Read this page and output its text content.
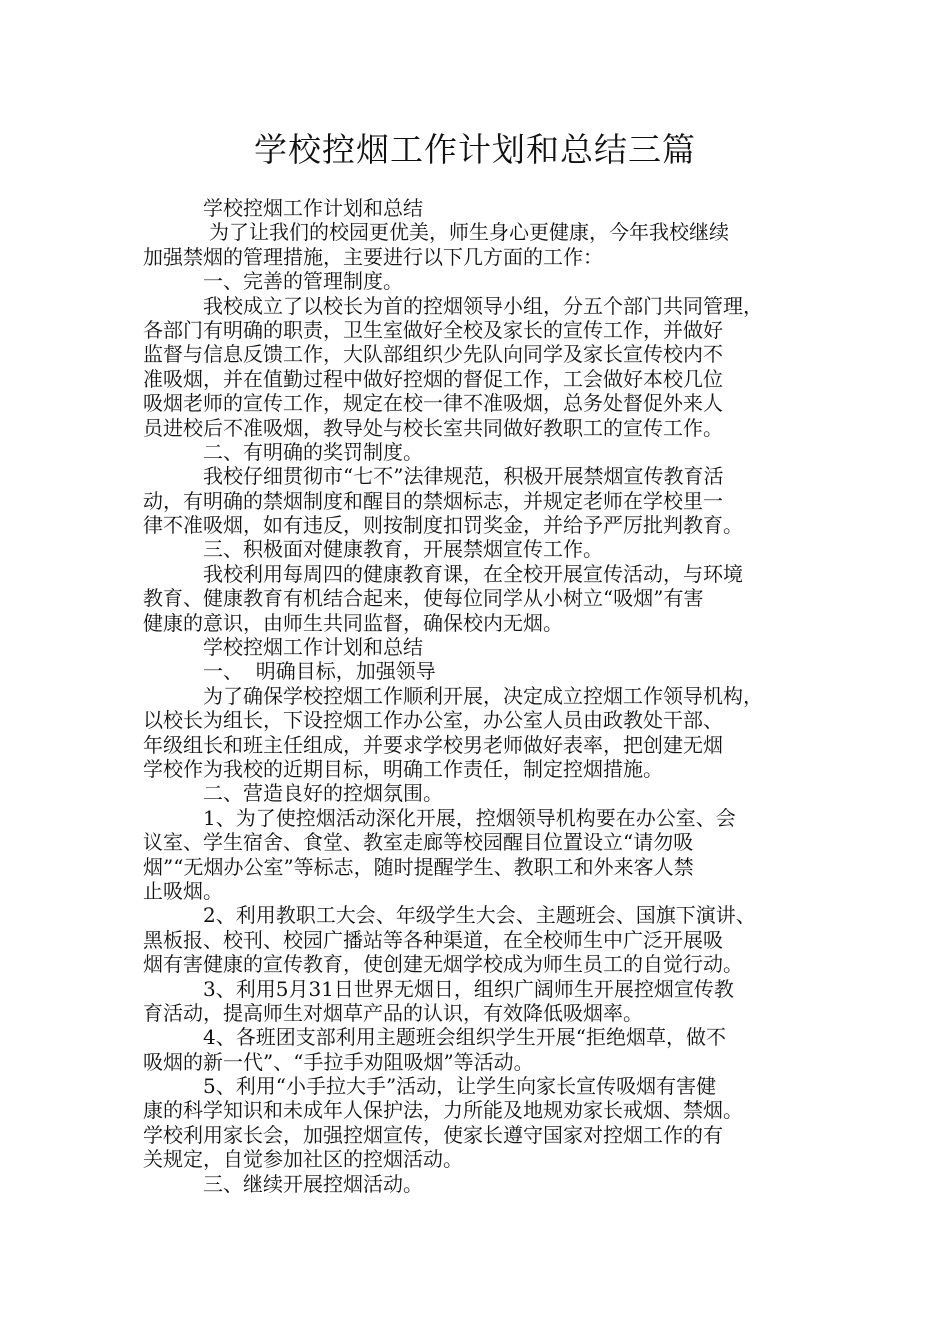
学校控烟工作计划和总结三篇
学校控烟工作计划和总结
为了让我们的校园更优美，师生身心更健康，今年我校继续
加强禁烟的管理措施，主要进行以下几方面的工作：
一、完善的管理制度。
我校成立了以校长为首的控烟领导小组，分五个部门共同管理，
各部门有明确的职责，卫生室做好全校及家长的宣传工作，并做好
监督与信息反馈工作，大队部组织少先队向同学及家长宣传校内不
准吸烟，并在值勤过程中做好控烟的督促工作，工会做好本校几位
吸烟老师的宣传工作，规定在校一律不准吸烟，总务处督促外来人
员进校后不准吸烟，教导处与校长室共同做好教职工的宣传工作。
二、有明确的奖罚制度。
我校仔细贯彻市“七不”法律规范，积极开展禁烟宣传教育活
动，有明确的禁烟制度和醒目的禁烟标志，并规定老师在学校里一
律不准吸烟，如有违反，则按制度扣罚奖金，并给予严厉批判教育。
三、积极面对健康教育，开展禁烟宣传工作。
我校利用每周四的健康教育课，在全校开展宣传活动，与环境
教育、健康教育有机结合起来，使每位同学从小树立“吸烟”有害
健康的意识，由师生共同监督，确保校内无烟。
学校控烟工作计划和总结
一、  明确目标，加强领导
为了确保学校控烟工作顺利开展，决定成立控烟工作领导机构，
以校长为组长，下设控烟工作办公室，办公室人员由政教处干部、
年级组长和班主任组成，并要求学校男老师做好表率，把创建无烟
学校作为我校的近期目标，明确工作责任，制定控烟措施。
二、营造良好的控烟氛围。
1、为了使控烟活动深化开展，控烟领导机构要在办公室、会
议室、学生宿舍、食堂、教室走廊等校园醒目位置设立“请勿吸
烟”“无烟办公室”等标志，随时提醒学生、教职工和外来客人禁
止吸烟。
2、利用教职工大会、年级学生大会、主题班会、国旗下演讲、
黑板报、校刊、校园广播站等各种渠道，在全校师生中广泛开展吸
烟有害健康的宣传教育，使创建无烟学校成为师生员工的自觉行动。
3、利用5月31日世界无烟日，组织广阔师生开展控烟宣传教
育活动，提高师生对烟草产品的认识，有效降低吸烟率。
4、各班团支部利用主题班会组织学生开展“拒绝烟草，做不
吸烟的新一代”、“手拉手劝阻吸烟”等活动。
5、利用“小手拉大手”活动，让学生向家长宣传吸烟有害健
康的科学知识和未成年人保护法，力所能及地规劝家长戒烟、禁烟。
学校利用家长会，加强控烟宣传，使家长遵守国家对控烟工作的有
关规定，自觉参加社区的控烟活动。
三、继续开展控烟活动。
